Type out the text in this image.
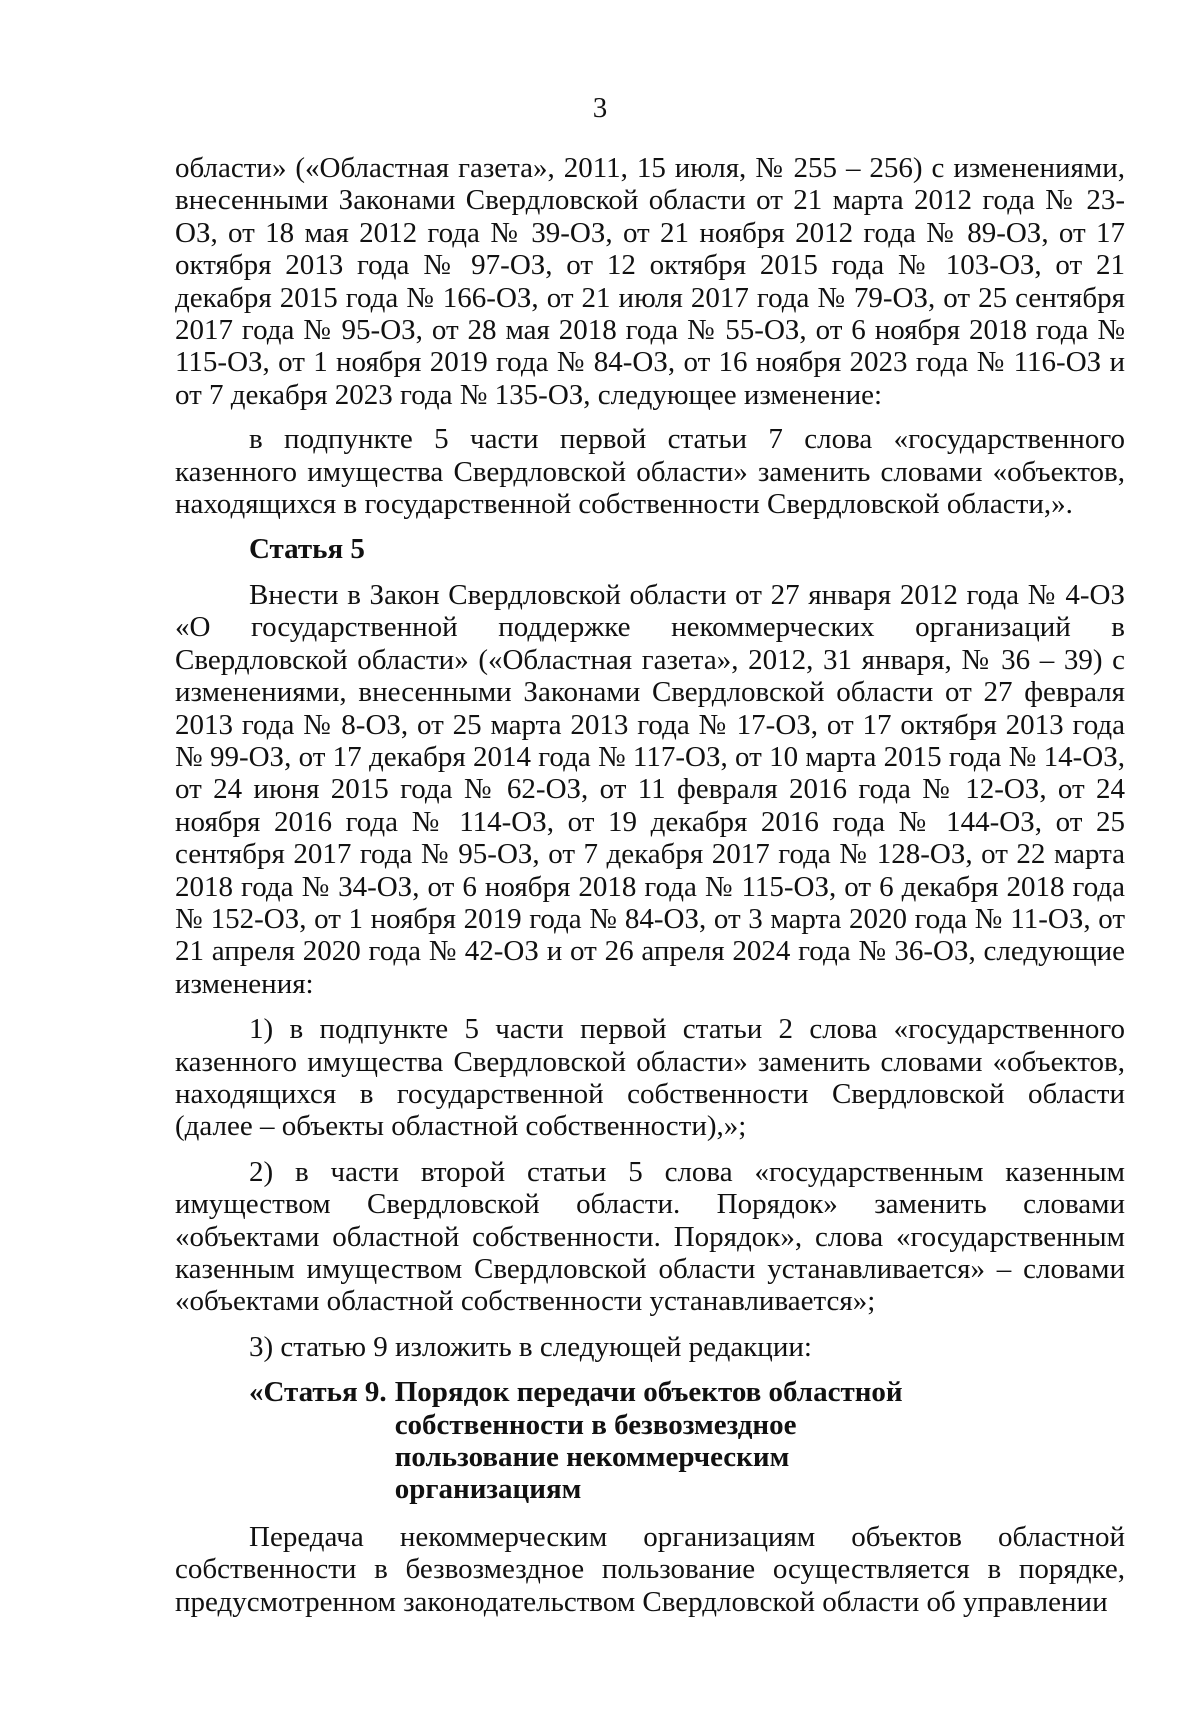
3

области» («Областная газета», 2011, 15 июля, № 255 – 256) с изменениями, внесенными Законами Свердловской области от 21 марта 2012 года № 23-ОЗ, от 18 мая 2012 года № 39-ОЗ, от 21 ноября 2012 года № 89-ОЗ, от 17 октября 2013 года № 97-ОЗ, от 12 октября 2015 года № 103-ОЗ, от 21 декабря 2015 года № 166-ОЗ, от 21 июля 2017 года № 79-ОЗ, от 25 сентября 2017 года № 95-ОЗ, от 28 мая 2018 года № 55-ОЗ, от 6 ноября 2018 года № 115-ОЗ, от 1 ноября 2019 года № 84-ОЗ, от 16 ноября 2023 года № 116-ОЗ и от 7 декабря 2023 года № 135-ОЗ, следующее изменение:

в подпункте 5 части первой статьи 7 слова «государственного казенного имущества Свердловской области» заменить словами «объектов, находящихся в государственной собственности Свердловской области,».

Статья 5

Внести в Закон Свердловской области от 27 января 2012 года № 4-ОЗ «О государственной поддержке некоммерческих организаций в Свердловской области» («Областная газета», 2012, 31 января, № 36 – 39) с изменениями, внесенными Законами Свердловской области от 27 февраля 2013 года № 8-ОЗ, от 25 марта 2013 года № 17-ОЗ, от 17 октября 2013 года № 99-ОЗ, от 17 декабря 2014 года № 117-ОЗ, от 10 марта 2015 года № 14-ОЗ, от 24 июня 2015 года № 62-ОЗ, от 11 февраля 2016 года № 12-ОЗ, от 24 ноября 2016 года № 114-ОЗ, от 19 декабря 2016 года № 144-ОЗ, от 25 сентября 2017 года № 95-ОЗ, от 7 декабря 2017 года № 128-ОЗ, от 22 марта 2018 года № 34-ОЗ, от 6 ноября 2018 года № 115-ОЗ, от 6 декабря 2018 года № 152-ОЗ, от 1 ноября 2019 года № 84-ОЗ, от 3 марта 2020 года № 11-ОЗ, от 21 апреля 2020 года № 42-ОЗ и от 26 апреля 2024 года № 36-ОЗ, следующие изменения:

1) в подпункте 5 части первой статьи 2 слова «государственного казенного имущества Свердловской области» заменить словами «объектов, находящихся в государственной собственности Свердловской области (далее – объекты областной собственности),»;

2) в части второй статьи 5 слова «государственным казенным имуществом Свердловской области. Порядок» заменить словами «объектами областной собственности. Порядок», слова «государственным казенным имуществом Свердловской области устанавливается» – словами «объектами областной собственности устанавливается»;

3) статью 9 изложить в следующей редакции:

«Статья 9. Порядок передачи объектов областной собственности в безвозмездное пользование некоммерческим организациям

Передача некоммерческим организациям объектов областной собственности в безвозмездное пользование осуществляется в порядке, предусмотренном законодательством Свердловской области об управлении
